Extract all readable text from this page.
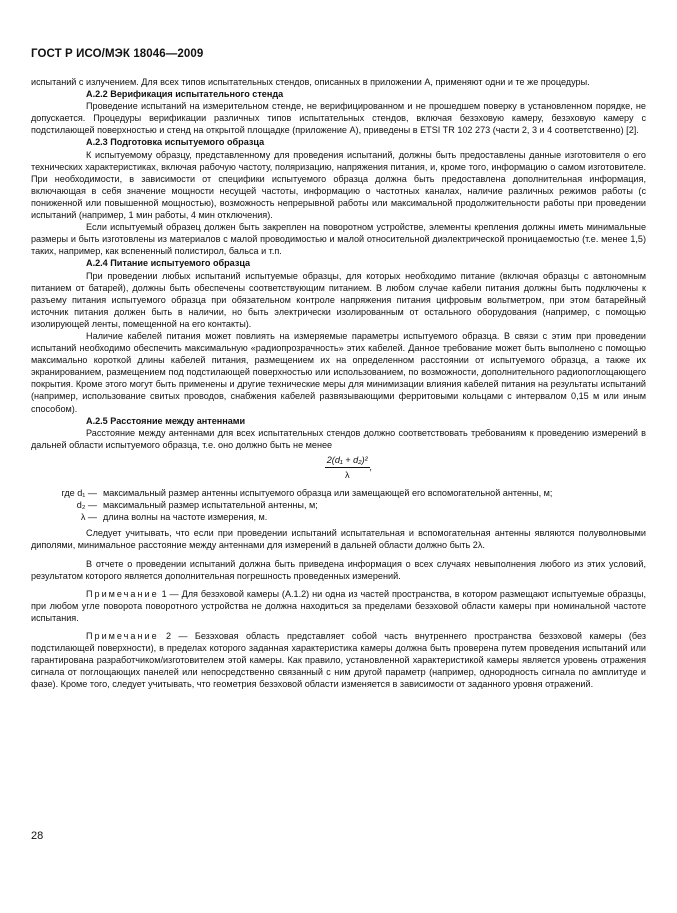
ГОСТ Р ИСО/МЭК 18046—2009

испытаний с излучением. Для всех типов испытательных стендов, описанных в приложении А, применяют одни и те же процедуры.

А.2.2 Верификация испытательного стенда

Проведение испытаний на измерительном стенде, не верифицированном и не прошедшем поверку в установленном порядке, не допускается. Процедуры верификации различных типов испытательных стендов, включая безэховую камеру, безэховую камеру с подстилающей поверхностью и стенд на открытой площадке (приложение А), приведены в ETSI TR 102 273 (части 2, 3 и 4 соответственно) [2].

А.2.3 Подготовка испытуемого образца

К испытуемому образцу, представленному для проведения испытаний, должны быть предоставлены данные изготовителя о его технических характеристиках, включая рабочую частоту, поляризацию, напряжения питания, и, кроме того, информацию о самом изготовителе. При необходимости, в зависимости от специфики испытуемого образца должна быть предоставлена дополнительная информация, включающая в себя значение мощности несущей частоты, информацию о частотных каналах, наличие различных режимов работы (с пониженной или повышенной мощностью), возможность непрерывной работы или максимальной продолжительности работы при проведении испытаний (например, 1 мин работы, 4 мин отключения).

Если испытуемый образец должен быть закреплен на поворотном устройстве, элементы крепления должны иметь минимальные размеры и быть изготовлены из материалов с малой проводимостью и малой относительной диэлектрической проницаемостью (т.е. менее 1,5) таких, например, как вспененный полистирол, бальса и т.п.

А.2.4 Питание испытуемого образца

При проведении любых испытаний испытуемые образцы, для которых необходимо питание (включая образцы с автономным питанием от батарей), должны быть обеспечены соответствующим питанием. В любом случае кабели питания должны быть подключены к разъему питания испытуемого образца при обязательном контроле напряжения питания цифровым вольтметром, при этом батарейный источник питания должен быть в наличии, но быть электрически изолированным от остального оборудования (например, с помощью изолирующей ленты, помещенной на его контакты).

Наличие кабелей питания может повлиять на измеряемые параметры испытуемого образца. В связи с этим при проведении испытаний необходимо обеспечить максимальную «радиопрозрачность» этих кабелей. Данное требование может быть выполнено с помощью максимально короткой длины кабелей питания, размещением их на определенном расстоянии от испытуемого образца, а также их экранированием, размещением под подстилающей поверхностью или использованием, по возможности, дополнительного радиопоглощающего покрытия. Кроме этого могут быть применены и другие технические меры для минимизации влияния кабелей питания на результаты испытаний (например, использование свитых проводов, снабжения кабелей развязывающими ферритовыми кольцами с интервалом 0,15 м или иным способом).

А.2.5 Расстояние между антеннами

Расстояние между антеннами для всех испытательных стендов должно соответствовать требованиям к проведению измерений в дальней области испытуемого образца, т.е. оно должно быть не менее

$\frac{\text{2(d₁ + d₂)²}}{\lambda}$ ,
где d₁ — максимальный размер антенны испытуемого образца или замещающей его вспомогательной антенны, м;
d₂ — максимальный размер испытательной антенны, м;
λ — длина волны на частоте измерения, м.

Следует учитывать, что если при проведении испытаний испытательная и вспомогательная антенны являются полуволновыми диполями, минимальное расстояние между антеннами для измерений в дальней области должно быть 2λ.

В отчете о проведении испытаний должна быть приведена информация о всех случаях невыполнения любого из этих условий, результатом которого является дополнительная погрешность проведенных измерений.

Примечание 1 — Для безэховой камеры (А.1.2) ни одна из частей пространства, в котором размещают испытуемые образцы, при любом угле поворота поворотного устройства не должна находиться за пределами безэховой области камеры при номинальной частоте испытания.

Примечание 2 — Безэховая область представляет собой часть внутреннего пространства безэховой камеры (без подстилающей поверхности), в пределах которого заданная характеристика камеры должна быть проверена путем проведения испытаний или гарантирована разработчиком/изготовителем этой камеры. Как правило, установленной характеристикой камеры является уровень отражения сигнала от поглощающих панелей или непосредственно связанный с ним другой параметр (например, однородность сигнала по амплитуде и фазе). Кроме того, следует учитывать, что геометрия безэховой области изменяется в зависимости от заданного уровня отражений.

28
